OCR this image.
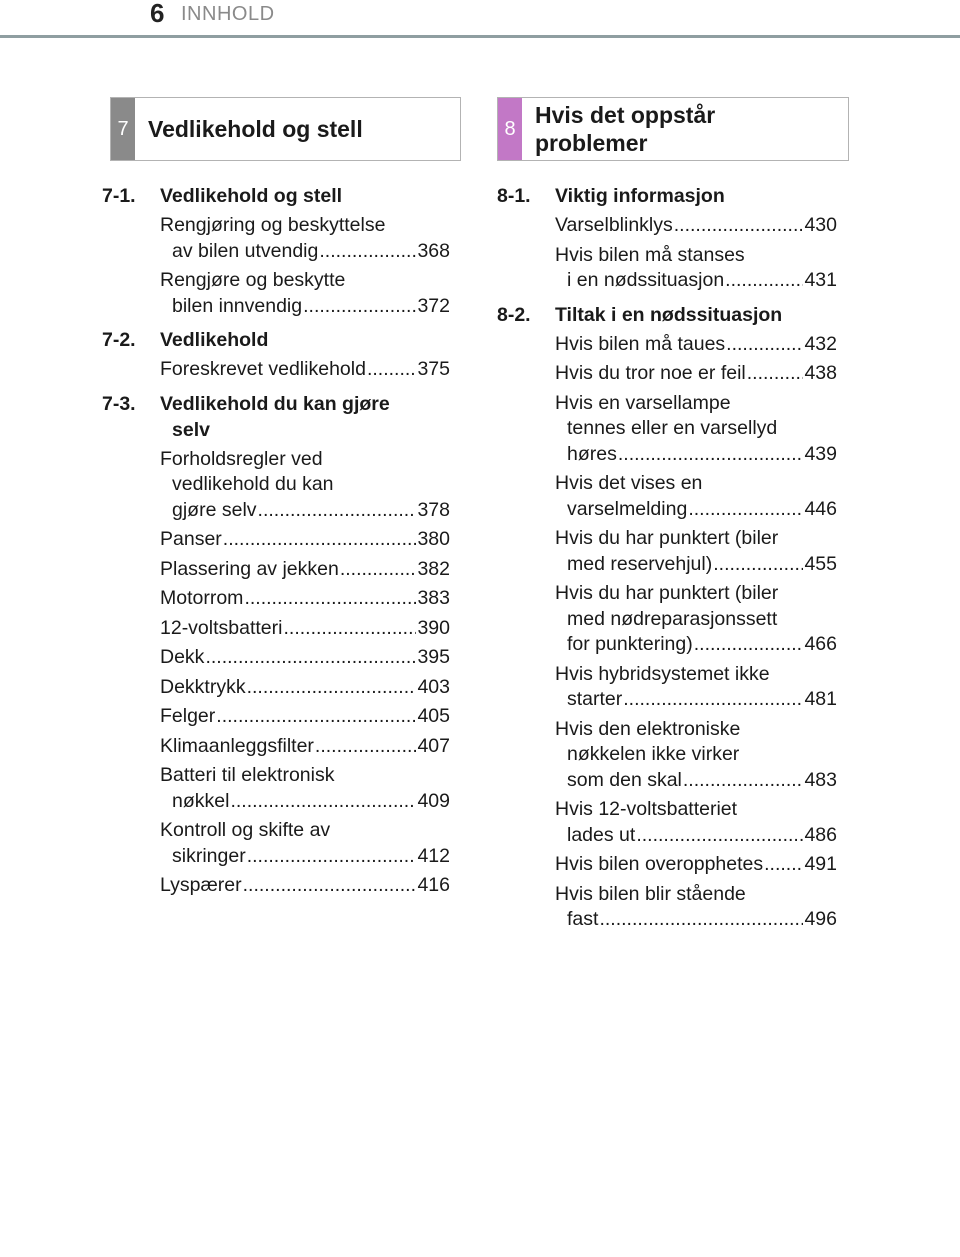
6 INNHOLD
7 Vedlikehold og stell	8
Hvis det oppstår problemer
7-1.	Vedlikehold og stell
Rengjøring og beskyttelse
av bilen utvendig .....	368
Rengjøre og beskytte
bilen innvendig .....	372
7-2.	Vedlikehold
Foreskrevet vedlikehold .....	375
7-3.	Vedlikehold du kan gjøre
selv
Forholdsregler ved
vedlikehold du kan
gjøre selv .....	378
Panser .....	380
Plassering av jekken .....	382
Motorrom .....	383
12-voltsbatteri .....	390
Dekk .....	395
Dekktrykk .....	403
Felger .....	405
Klimaanleggsfilter .....	407
Batteri til elektronisk
nøkkel .....	409
Kontroll og skifte av
sikringer .....	412
Lyspærer .....	416
8-1.	Viktig informasjon
Varselblinklys .....	430
Hvis bilen må stanses
i en nødssituasjon .....	431
8-2.	Tiltak i en nødssituasjon
Hvis bilen må taues .....	432
Hvis du tror noe er feil .....	438
Hvis en varsellampe
tennes eller en varsellyd
høres .....	439
Hvis det vises en
varselmelding .....	446
Hvis du har punktert (biler
med reservehjul) .....	455
Hvis du har punktert (biler
med nødreparasjonssett
for punktering) .....	466
Hvis hybridsystemet ikke
starter .....	481
Hvis den elektroniske
nøkkelen ikke virker
som den skal .....	483
Hvis 12-voltsbatteriet
lades ut .....	486
Hvis bilen overopphetes ..... 491
Hvis bilen blir stående
fast .....	496
